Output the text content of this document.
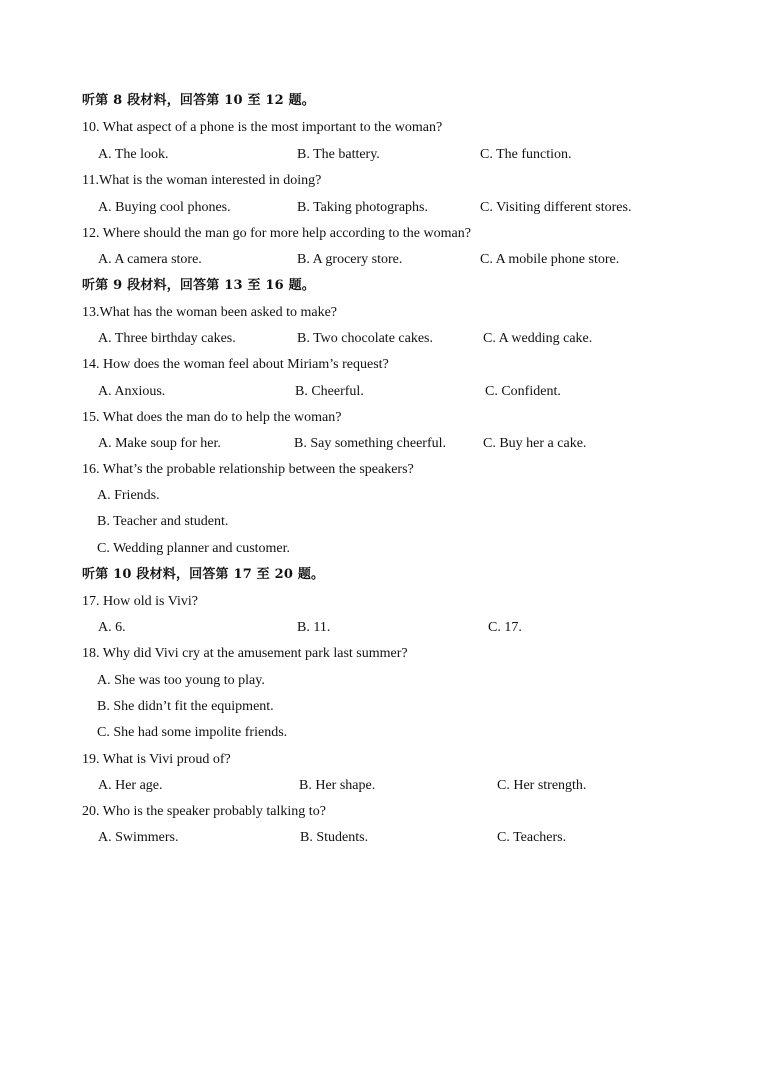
听第 8 段材料，回答第 10 至 12 题。
10. What aspect of a phone is the most important to the woman?
A. The look.	B. The battery.	C. The function.
11.What is the woman interested in doing?
A. Buying cool phones.	B. Taking photographs.	C. Visiting different stores.
12. Where should the man go for more help according to the woman?
A. A camera store.	B. A grocery store.	C. A mobile phone store.
听第 9 段材料，回答第 13 至 16 题。
13.What has the woman been asked to make?
A. Three birthday cakes.	B. Two chocolate cakes.	C. A wedding cake.
14. How does the woman feel about Miriam’s request?
A. Anxious.	B. Cheerful.	C. Confident.
15. What does the man do to help the woman?
A. Make soup for her.	B. Say something cheerful.	C. Buy her a cake.
16. What’s the probable relationship between the speakers?
A. Friends.
B. Teacher and student.
C. Wedding planner and customer.
听第 10 段材料，回答第 17 至 20 题。
17. How old is Vivi?
A. 6.	B. 11.	C. 17.
18. Why did Vivi cry at the amusement park last summer?
A. She was too young to play.
B. She didn’t fit the equipment.
C. She had some impolite friends.
19. What is Vivi proud of?
A. Her age.	B. Her shape.	C. Her strength.
20. Who is the speaker probably talking to?
A. Swimmers.	B. Students.	C. Teachers.
